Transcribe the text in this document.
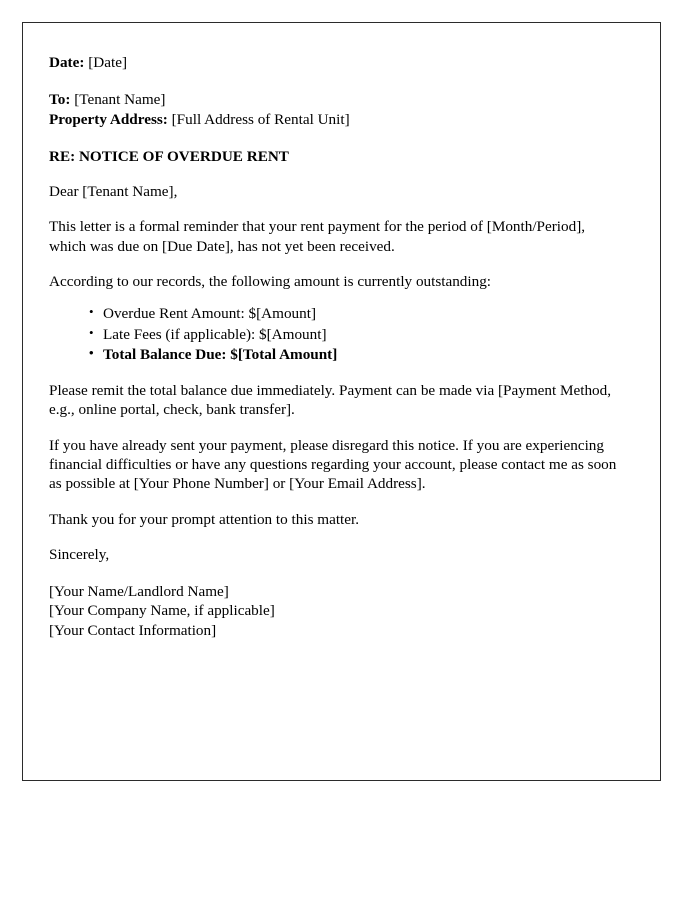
Date: [Date]
To: [Tenant Name]
Property Address: [Full Address of Rental Unit]

RE: NOTICE OF OVERDUE RENT

Dear [Tenant Name],

This letter is a formal reminder that your rent payment for the period of [Month/Period], which was due on [Due Date], has not yet been received.

According to our records, the following amount is currently outstanding:

• Overdue Rent Amount: $[Amount]
• Late Fees (if applicable): $[Amount]
• Total Balance Due: $[Total Amount]

Please remit the total balance due immediately. Payment can be made via [Payment Method, e.g., online portal, check, bank transfer].

If you have already sent your payment, please disregard this notice. If you are experiencing financial difficulties or have any questions regarding your account, please contact me as soon as possible at [Your Phone Number] or [Your Email Address].

Thank you for your prompt attention to this matter.

Sincerely,

[Your Name/Landlord Name]

[Your Company Name, if applicable]

[Your Contact Information]
